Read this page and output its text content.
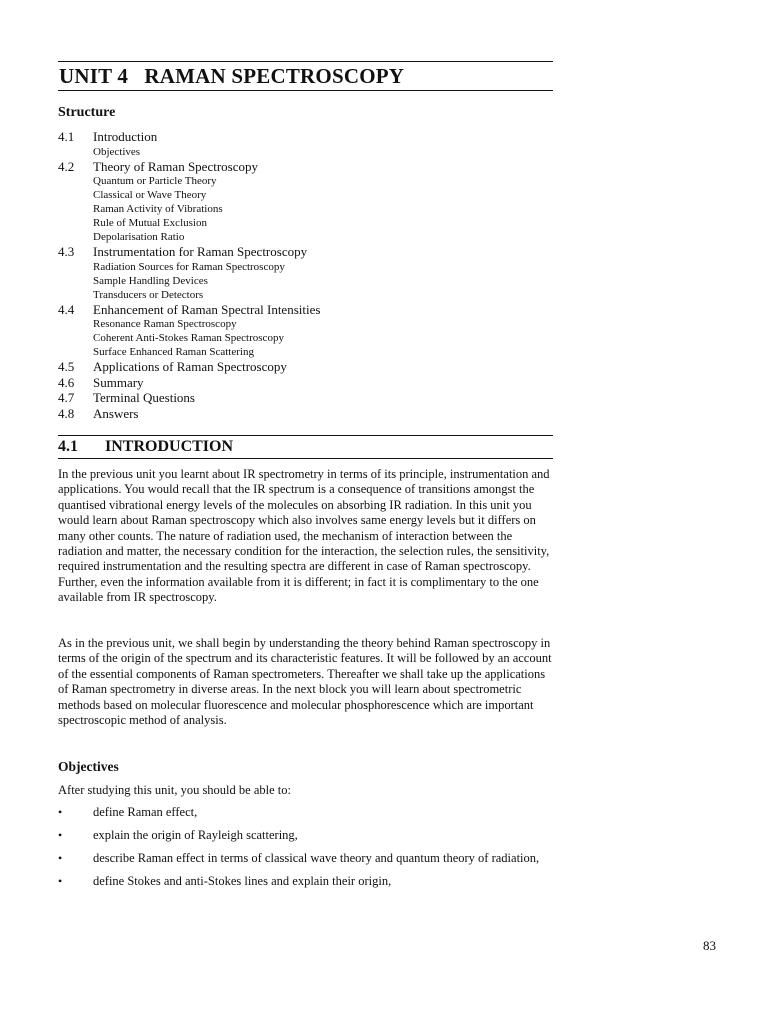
UNIT 4   RAMAN SPECTROSCOPY
Structure
4.1	Introduction
Objectives
4.2	Theory of Raman Spectroscopy
Quantum or Particle Theory
Classical or Wave Theory
Raman Activity of Vibrations
Rule of Mutual Exclusion
Depolarisation Ratio
4.3	Instrumentation for Raman Spectroscopy
Radiation Sources for Raman Spectroscopy
Sample Handling Devices
Transducers or Detectors
4.4	Enhancement of Raman Spectral Intensities
Resonance Raman Spectroscopy
Coherent Anti-Stokes Raman Spectroscopy
Surface Enhanced Raman Scattering
4.5	Applications of Raman Spectroscopy
4.6	Summary
4.7	Terminal Questions
4.8	Answers
4.1	INTRODUCTION

In the previous unit you learnt about IR spectrometry in terms of its principle, instrumentation and applications. You would recall that the IR spectrum is a consequence of transitions amongst the quantised vibrational energy levels of the molecules on absorbing IR radiation. In this unit you would learn about Raman spectroscopy which also involves same energy levels but it differs on many other counts. The nature of radiation used, the mechanism of interaction between the radiation and matter, the necessary condition for the interaction, the selection rules, the sensitivity, required instrumentation and the resulting spectra are different in case of Raman spectroscopy. Further, even the information available from it is different; in fact it is complimentary to the one available from IR spectroscopy.

As in the previous unit, we shall begin by understanding the theory behind Raman spectroscopy in terms of the origin of the spectrum and its characteristic features. It will be followed by an account of the essential components of Raman spectrometers. Thereafter we shall take up the applications of Raman spectrometry in diverse areas. In the next block you will learn about spectrometric methods based on molecular fluorescence and molecular phosphorescence which are important spectroscopic method of analysis.

Objectives
After studying this unit, you should be able to:
•	define Raman effect,
•	explain the origin of Rayleigh scattering,
•	describe Raman effect in terms of classical wave theory and quantum theory of radiation,
•	define Stokes and anti-Stokes lines and explain their origin,
83
